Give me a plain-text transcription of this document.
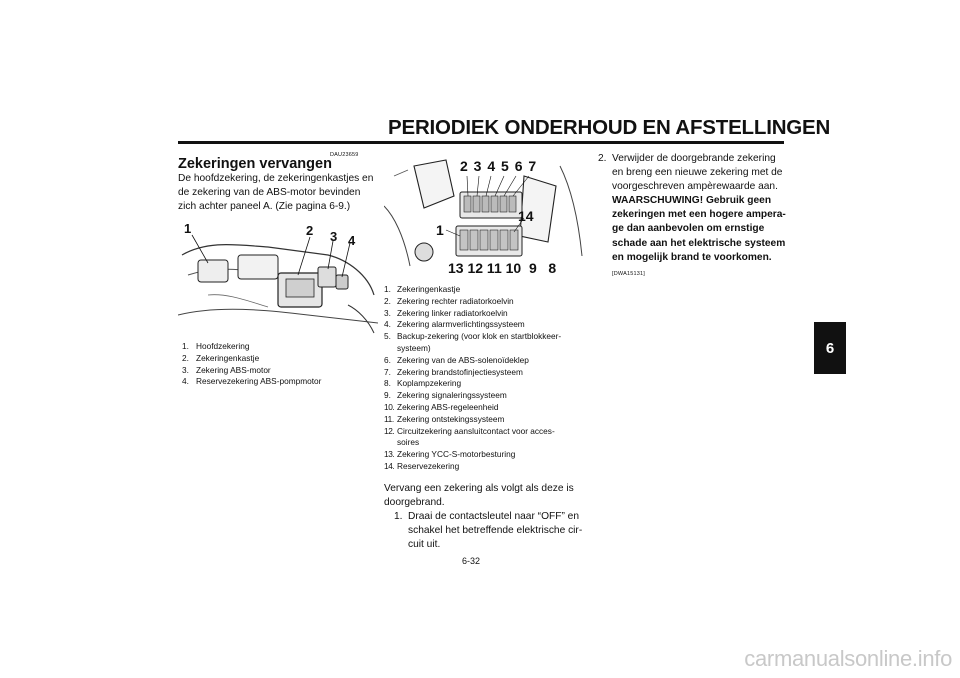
PERIODIEK ONDERHOUD EN AFSTELLINGEN
6
DAU23659
Zekeringen vervangen
De hoofdzekering, de zekeringenkastjes en
de zekering van de ABS-motor bevinden
zich achter paneel A. (Zie pagina 6-9.)
1	2 3 4
1. Hoofdzekering
2. Zekeringenkastje
3. Zekering ABS-motor
4. Reservezekering ABS-pompmotor
2 3 4 5 6 7
1
14
13 12 11 10  9   8
1. Zekeringenkastje
2. Zekering rechter radiatorkoelvin
3. Zekering linker radiatorkoelvin
4. Zekering alarmverlichtingssysteem
5. Backup-zekering (voor klok en startblokkeer-
systeem)
6. Zekering van de ABS-solenoïdeklep
7. Zekering brandstofinjectiesysteem
8. Koplampzekering
9. Zekering signaleringssysteem
10. Zekering ABS-regeleenheid
11. Zekering ontstekingssysteem
12. Circuitzekering aansluitcontact voor acces-
soires
13. Zekering YCC-S-motorbesturing
14. Reservezekering
Vervang een zekering als volgt als deze is
doorgebrand.
1. Draai de contactsleutel naar “OFF” en
schakel het betreffende elektrische cir-
cuit uit.
2. Verwijder de doorgebrande zekering
en breng een nieuwe zekering met de
voorgeschreven ampèrewaarde aan.
WAARSCHUWING! Gebruik geen
zekeringen met een hogere ampera-
ge dan aanbevolen om ernstige
schade aan het elektrische systeem
en mogelijk brand te voorkomen.
[DWA15131]
6-32
carmanualsonline.info
